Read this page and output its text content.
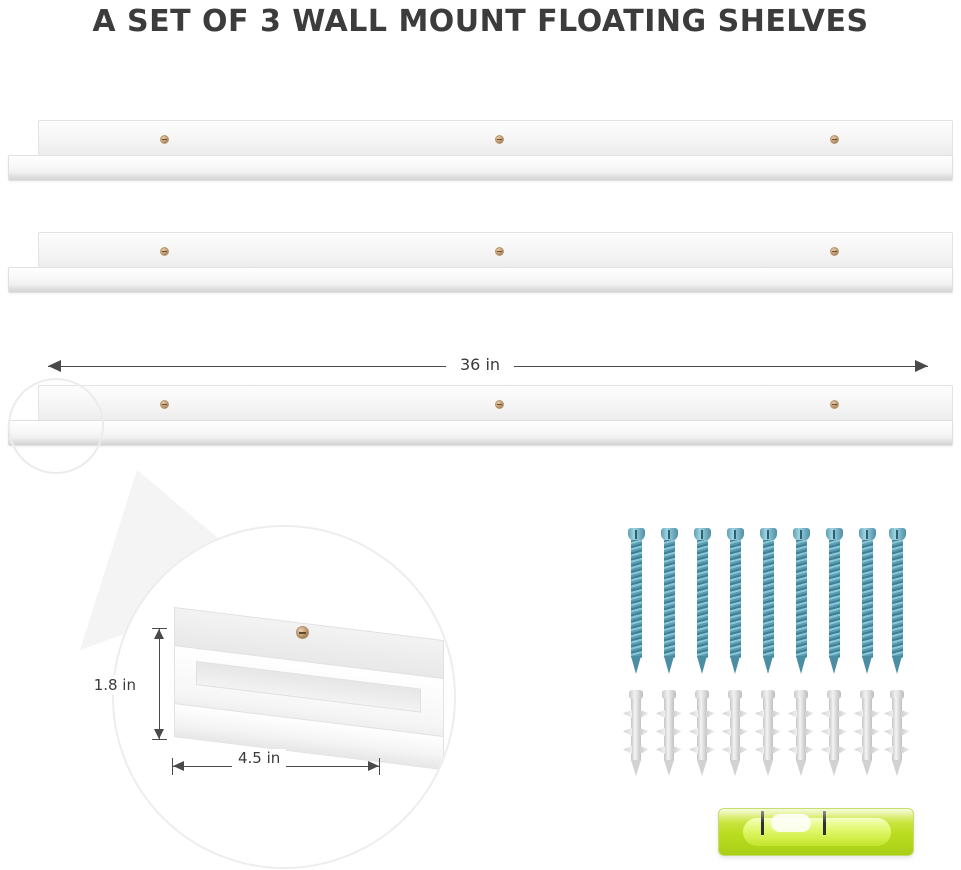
A SET OF 3 WALL MOUNT FLOATING SHELVES
36 in
1.8 in
4.5 in
